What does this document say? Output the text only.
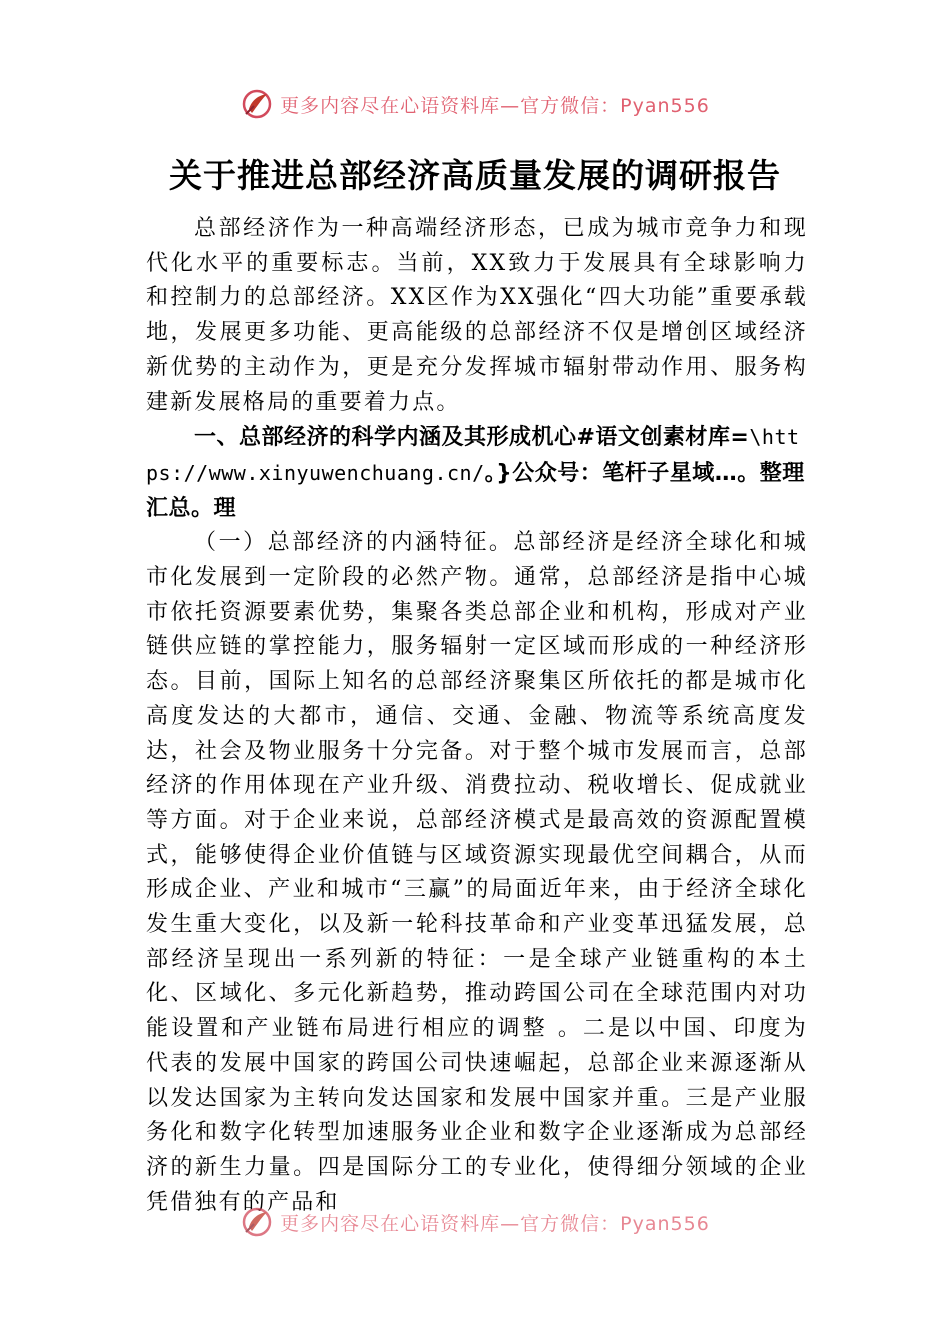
更多内容尽在心语资料库—官方微信：Pyan556
关于推进总部经济高质量发展的调研报告

总部经济作为一种高端经济形态，已成为城市竞争力和现代化水平的重要标志。当前，XX致力于发展具有全球影响力和控制力的总部经济。XX区作为XX强化“四大功能”重要承载地，发展更多功能、更高能级的总部经济不仅是增创区域经济新优势的主动作为，更是充分发挥城市辐射带动作用、服务构建新发展格局的重要着力点。

一、总部经济的科学内涵及其形成机心#语文创素材库=\https://www.xinyuwenchuang.cn/。}公众号：笔杆子星域…。整理汇总。理

（一）总部经济的内涵特征。总部经济是经济全球化和城市化发展到一定阶段的必然产物。通常，总部经济是指中心城市依托资源要素优势，集聚各类总部企业和机构，形成对产业链供应链的掌控能力，服务辐射一定区域而形成的一种经济形态。目前，国际上知名的总部经济聚集区所依托的都是城市化高度发达的大都市，通信、交通、金融、物流等系统高度发达，社会及物业服务十分完备。对于整个城市发展而言，总部经济的作用体现在产业升级、消费拉动、税收增长、促成就业等方面。对于企业来说，总部经济模式是最高效的资源配置模式，能够使得企业价值链与区域资源实现最优空间耦合，从而形成企业、产业和城市“三赢”的局面近年来，由于经济全球化发生重大变化，以及新一轮科技革命和产业变革迅猛发展，总部经济呈现出一系列新的特征：一是全球产业链重构的本土化、区域化、多元化新趋势，推动跨国公司在全球范围内对功能设置和产业链布局进行相应的调整 。二是以中国、印度为代表的发展中国家的跨国公司快速崛起，总部企业来源逐渐从以发达国家为主转向发达国家和发展中国家并重。三是产业服务化和数字化转型加速服务业企业和数字企业逐渐成为总部经济的新生力量。四是国际分工的专业化，使得细分领域的企业凭借独有的产品和

更多内容尽在心语资料库—官方微信：Pyan556
